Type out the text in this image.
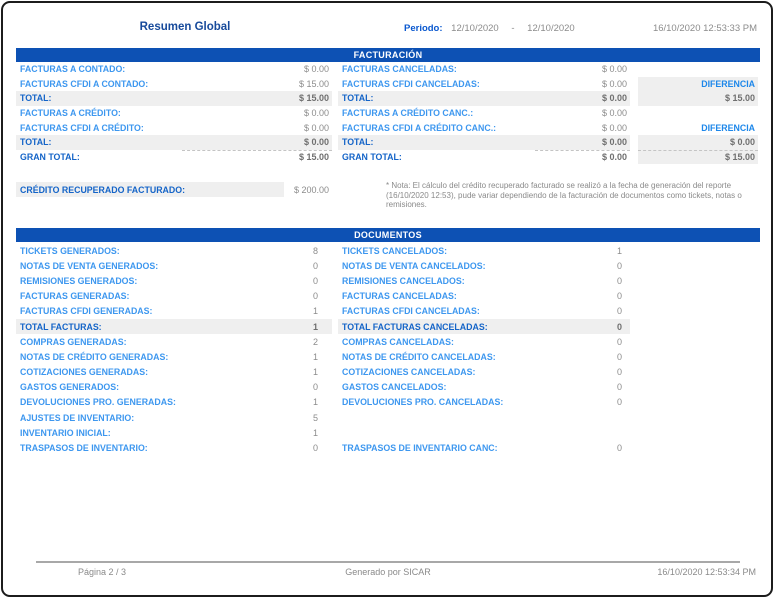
Resumen Global	Periodo: 12/10/2020 - 12/10/2020	16/10/2020 12:53:33 PM
FACTURACIÓN
FACTURAS A CONTADO:	$ 0.00	FACTURAS CANCELADAS:	$ 0.00
FACTURAS CFDI A CONTADO:	$ 15.00	FACTURAS CFDI CANCELADAS:	$ 0.00	DIFERENCIA
TOTAL:	$ 15.00	TOTAL:	$ 0.00	$ 15.00
FACTURAS A CRÉDITO:	$ 0.00	FACTURAS A CRÉDITO CANC.:	$ 0.00
FACTURAS CFDI A CRÉDITO:	$ 0.00	FACTURAS CFDI A CRÉDITO CANC.:	$ 0.00	DIFERENCIA
TOTAL:	$ 0.00	TOTAL:	$ 0.00	$ 0.00
GRAN TOTAL:	$ 15.00	GRAN TOTAL:	$ 0.00	$ 15.00
CRÉDITO RECUPERADO FACTURADO:	$ 200.00	* Nota: El cálculo del crédito recuperado facturado se realizó a la fecha de generación del reporte (16/10/2020 12:53), pude variar dependiendo de la facturación de documentos como tickets, notas o remisiones.
DOCUMENTOS
TICKETS GENERADOS:	8	TICKETS CANCELADOS:	1
NOTAS DE VENTA GENERADOS:	0	NOTAS DE VENTA CANCELADOS:	0
REMISIONES GENERADOS:	0	REMISIONES CANCELADOS:	0
FACTURAS GENERADAS:	0	FACTURAS CANCELADAS:	0
FACTURAS CFDI GENERADAS:	1	FACTURAS CFDI CANCELADAS:	0
TOTAL FACTURAS:	1	TOTAL FACTURAS CANCELADAS:	0
COMPRAS GENERADAS:	2	COMPRAS CANCELADAS:	0
NOTAS DE CRÉDITO GENERADAS:	1	NOTAS DE CRÉDITO CANCELADAS:	0
COTIZACIONES GENERADAS:	1	COTIZACIONES CANCELADAS:	0
GASTOS GENERADOS:	0	GASTOS CANCELADOS:	0
DEVOLUCIONES PRO. GENERADAS:	1	DEVOLUCIONES PRO. CANCELADAS:	0
AJUSTES DE INVENTARIO:	5
INVENTARIO INICIAL:	1
TRASPASOS DE INVENTARIO:	0	TRASPASOS DE INVENTARIO CANC:	0
Generado por SICAR
Página 2 / 3	16/10/2020 12:53:34 PM
